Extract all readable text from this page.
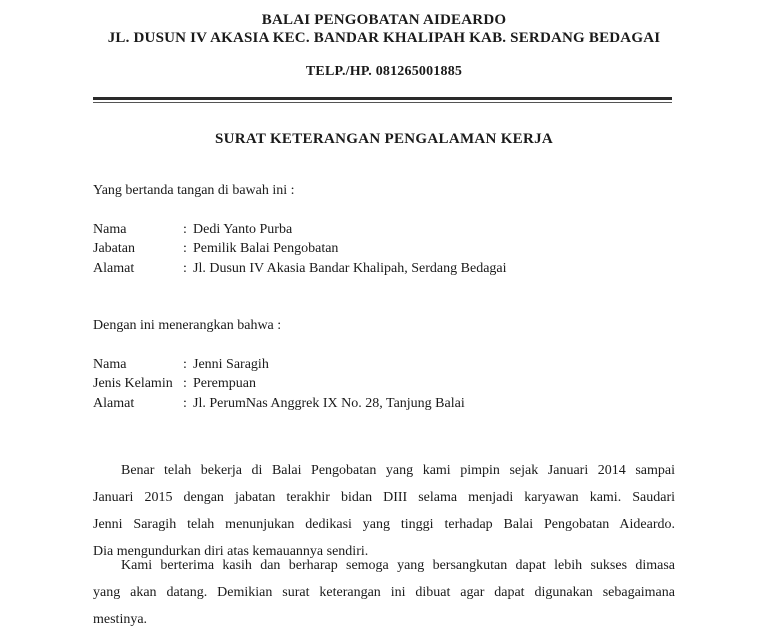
BALAI PENGOBATAN AIDEARDO
JL. DUSUN IV AKASIA KEC. BANDAR KHALIPAH KAB. SERDANG BEDAGAI
TELP./HP. 081265001885
SURAT KETERANGAN PENGALAMAN KERJA
Yang bertanda tangan di bawah ini :
Nama	: Dedi Yanto Purba
Jabatan	: Pemilik Balai Pengobatan
Alamat	: Jl. Dusun IV Akasia Bandar Khalipah, Serdang Bedagai
Dengan ini menerangkan bahwa :
Nama	: Jenni Saragih
Jenis Kelamin : Perempuan
Alamat	: Jl. PerumNas Anggrek IX No. 28, Tanjung Balai
Benar telah bekerja di Balai Pengobatan yang kami pimpin sejak Januari 2014 sampai
Januari 2015 dengan jabatan terakhir bidan DIII selama menjadi karyawan kami. Saudari
Jenni Saragih telah menunjukan dedikasi yang tinggi terhadap Balai Pengobatan Aideardo.
Dia mengundurkan diri atas kemauannya sendiri.
Kami berterima kasih dan berharap semoga yang bersangkutan dapat lebih sukses dimasa
yang akan datang. Demikian surat keterangan ini dibuat agar dapat digunakan sebagaimana
mestinya.
